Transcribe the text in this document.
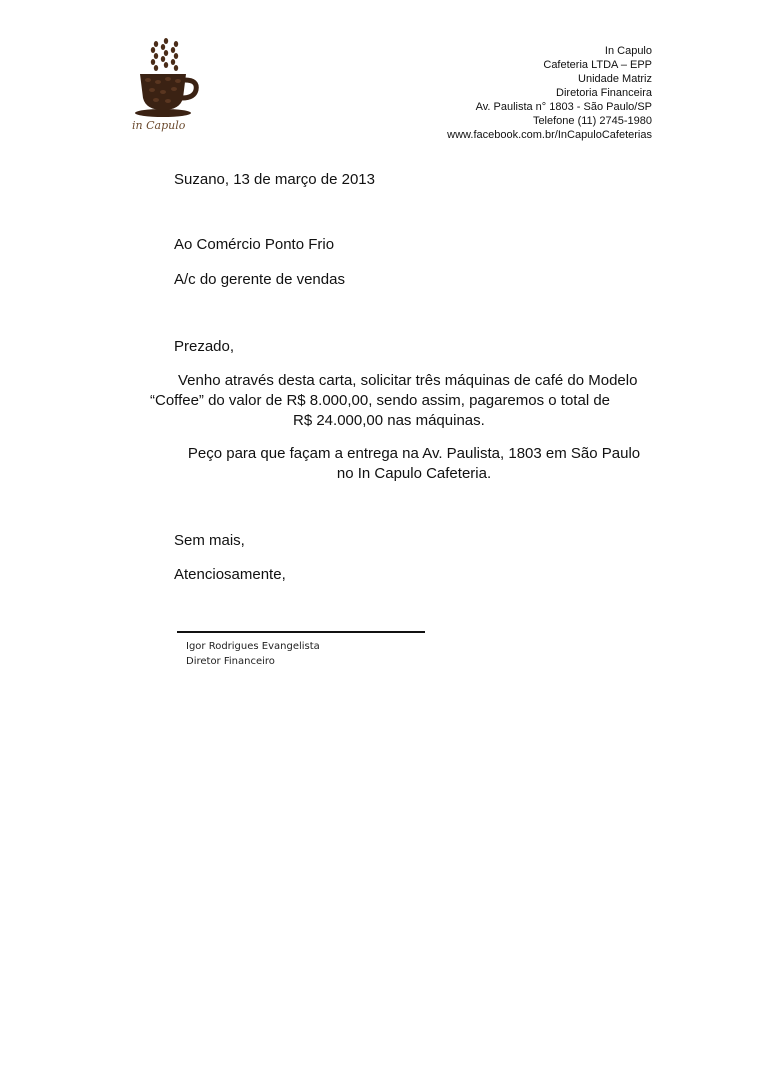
in Capulo
In Capulo
Cafeteria LTDA – EPP
Unidade Matriz
Diretoria Financeira
Av. Paulista n° 1803 - São Paulo/SP
Telefone (11) 2745-1980
www.facebook.com.br/InCapuloCafeterias
Suzano, 13 de março de 2013
Ao Comércio Ponto Frio
A/c do gerente de vendas
Prezado,
Venho através desta carta, solicitar três máquinas de café do Modelo
“Coffee” do valor de R$ 8.000,00, sendo assim, pagaremos o total de
R$ 24.000,00 nas máquinas.
Peço para que façam a entrega na Av. Paulista, 1803 em São Paulo
no In Capulo Cafeteria.
Sem mais,
Atenciosamente,
Igor Rodrigues Evangelista
Diretor Financeiro
